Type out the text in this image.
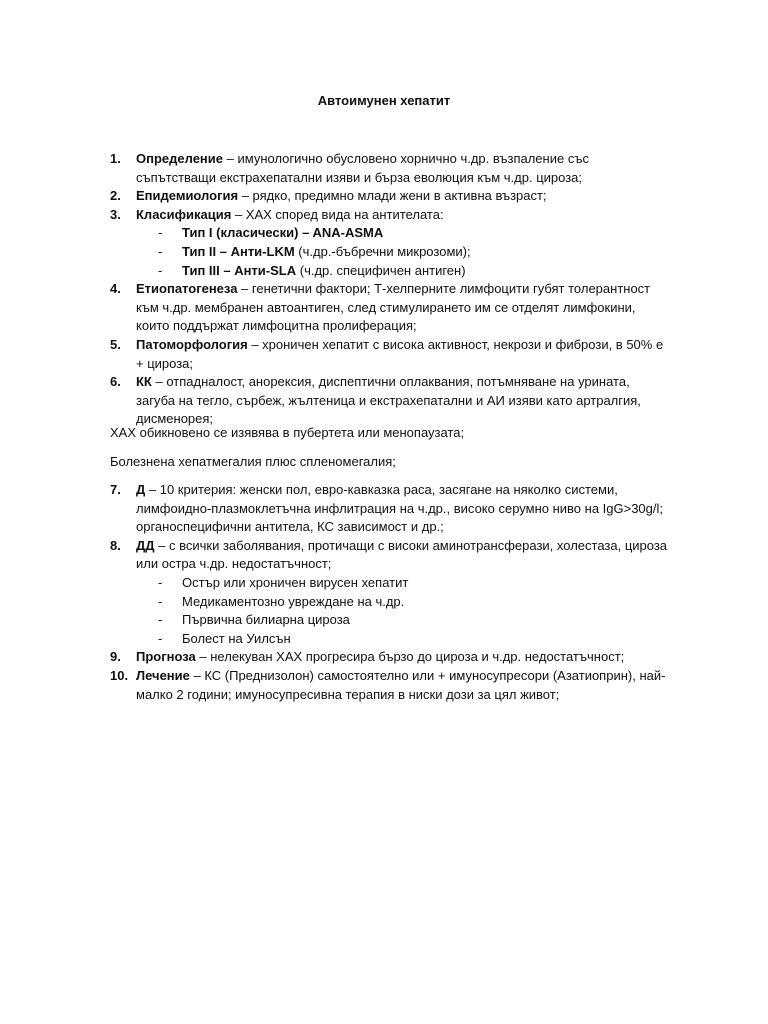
Автоимунен хепатит
1. Определение – имунологично обусловено хорнично ч.др. възпаление със съпътстващи екстрахепатални изяви и бърза еволюция към ч.др. цироза;
2. Епидемиология – рядко, предимно млади жени в активна възраст;
3. Класификация – ХАХ според вида на антителата:
- Тип I (класически) – ANA-ASMA
- Тип II – Анти-LKM (ч.др.-бъбречни микрозоми);
- Тип III – Анти-SLA (ч.др. специфичен антиген)
4. Етиопатогенеза – генетични фактори; Т-хелперните лимфоцити губят толерантност към ч.др. мембранен автоантиген, след стимулирането им се отделят лимфокини, които поддържат лимфоцитна пролиферация;
5. Патоморфология – хроничен хепатит с висока активност, некрози и фибрози, в 50% е + цироза;
6. КК – отпадналост, анорексия, диспептични оплаквания, потъмняване на урината, загуба на тегло, сърбеж, жълтеница и екстрахепатални и АИ изяви като артралгия, дисменорея;
ХАХ обикновено се изявява в пубертета или менопаузата;
Болезнена хепатмегалия плюс спленомегалия;
7. Д – 10 критерия: женски пол, евро-кавказка раса, засягане на няколко системи, лимфоидно-плазмоклетъчна инфлитрация на ч.др., високо серумно ниво на IgG>30g/l; органоспецифични антитела, КС зависимост и др.;
8. ДД – с всички заболявания, протичащи с високи аминотрансферази, холестаза, цироза или остра ч.др. недостатъчност;
- Остър или хроничен вирусен хепатит
- Медикаментозно увреждане на ч.др.
- Първична билиарна цироза
- Болест на Уилсън
9. Прогноза – нелекуван ХАХ прогресира бързо до цироза и ч.др. недостатъчност;
10. Лечение – КС (Преднизолон) самостоятелно или + имуносупресори (Азатиоприн), най-малко 2 години; имуносупресивна терапия в ниски дози за цял живот;
